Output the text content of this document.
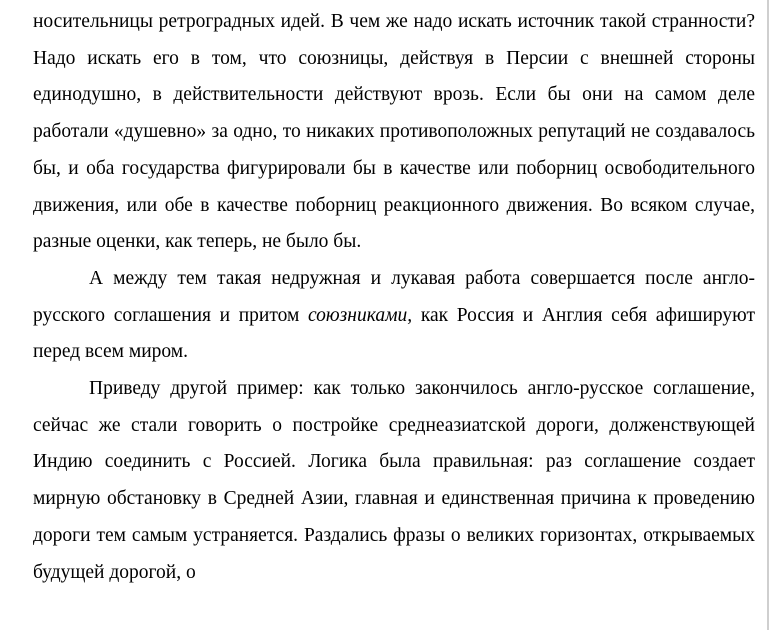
носительницы ретроградных идей. В чем же надо искать источник такой странности? Надо искать его в том, что союзницы, действуя в Персии с внешней стороны единодушно, в действительности действуют врозь. Если бы они на самом деле работали «душевно» за одно, то никаких противоположных репутаций не создавалось бы, и оба государства фигурировали бы в качестве или поборниц освободительного движения, или обе в качестве поборниц реакционного движения. Во всяком случае, разные оценки, как теперь, не было бы.

А между тем такая недружная и лукавая работа совершается после англо-русского соглашения и притом союзниками, как Россия и Англия себя афишируют перед всем миром.

Приведу другой пример: как только закончилось англо-русское соглашение, сейчас же стали говорить о постройке среднеазиатской дороги, долженствующей Индию соединить с Россией. Логика была правильная: раз соглашение создает мирную обстановку в Средней Азии, главная и единственная причина к проведению дороги тем самым устраняется. Раздались фразы о великих горизонтах, открываемых будущей дорогой, о
